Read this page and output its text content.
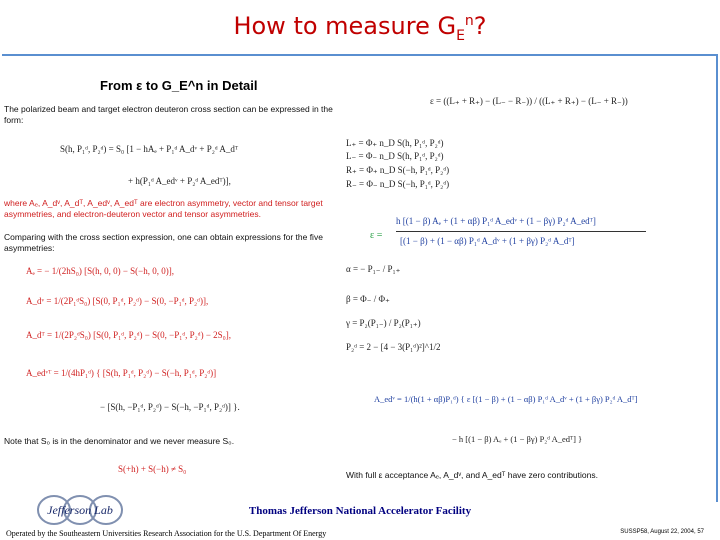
How to measure $G_E^n$?
From ε to G_E^n in Detail
The polarized beam and target electron deuteron cross section can be expressed in the form:
S(h, P₁ᵈ, P₂ᵈ) = S₀ [1 − hAₑ + P₁ᵈ A_dᵛ + P₂ᵈ A_dᵀ
+ h(P₁ᵈ A_edᵛ + P₂ᵈ A_edᵀ)],
where Aₑ, A_dᵛ, A_dᵀ, A_edᵛ, A_edᵀ are electron asymmetry, vector and tensor target asymmetries, and electron-deuteron vector and tensor asymmetries.
Comparing with the cross section expression, one can obtain expressions for the five asymmetries:
Aₑ = − 1/(2hS₀) [S(h, 0, 0) − S(−h, 0, 0)],
A_dᵛ = 1/(2P₁ᵈS₀) [S(0, P₁ᵈ, P₂ᵈ) − S(0, −P₁ᵈ, P₂ᵈ)],
A_dᵀ = 1/(2P₂ᵈS₀) [S(0, P₁ᵈ, P₂ᵈ) − S(0, −P₁ᵈ, P₂ᵈ) − 2S₀],
A_edᵛᵀ = 1/(4hP₁ᵈ) { [S(h, P₁ᵈ, P₂ᵈ) − S(−h, P₁ᵈ, P₂ᵈ)]
− [S(h, −P₁ᵈ, P₂ᵈ) − S(−h, −P₁ᵈ, P₂ᵈ)] }.
Note that S₀ is in the denominator and we never measure S₀.
S(+h) + S(−h) ≠ S₀
ε = ((L₊ + R₊) − (L₋ − R₋)) / ((L₊ + R₊) − (L₋ + R₋))
L₊ = Φ₊ n_D S(h, P₁ᵈ, P₂ᵈ)
L₋ = Φ₋ n_D S(h, P₁ᵈ, P₂ᵈ)
R₊ = Φ₊ n_D S(−h, P₁ᵈ, P₂ᵈ)
R₋ = Φ₋ n_D S(−h, P₁ᵈ, P₂ᵈ)
ε =
h [(1 − β) Aₑ + (1 + αβ) P₁ᵈ A_edᵛ + (1 − βγ) P₂ᵈ A_edᵀ]
[(1 − β) + (1 − αβ) P₁ᵈ A_dᵛ + (1 + βγ) P₂ᵈ A_dᵀ]
α = − P₁₋ / P₁₊
β = Φ₋ / Φ₊
γ = P₂(P₁₋) / P₂(P₁₊)
P₂ᵈ = 2 − [4 − 3(P₁ᵈ)²]^1/2
A_edᵛ = 1/(h(1 + αβ)P₁ᵈ) { ε [(1 − β) + (1 − αβ) P₁ᵈ A_dᵛ + (1 + βγ) P₂ᵈ A_dᵀ]
− h [(1 − β) Aₑ + (1 − βγ) P₂ᵈ A_edᵀ] }
With full ε acceptance Aₑ, A_dᵛ, and A_edᵀ have zero contributions.
Jefferson Lab	Thomas Jefferson National Accelerator Facility
Operated by the Southeastern Universities Research Association for the U.S. Department Of Energy	SUSSP58, August 22, 2004, 57
